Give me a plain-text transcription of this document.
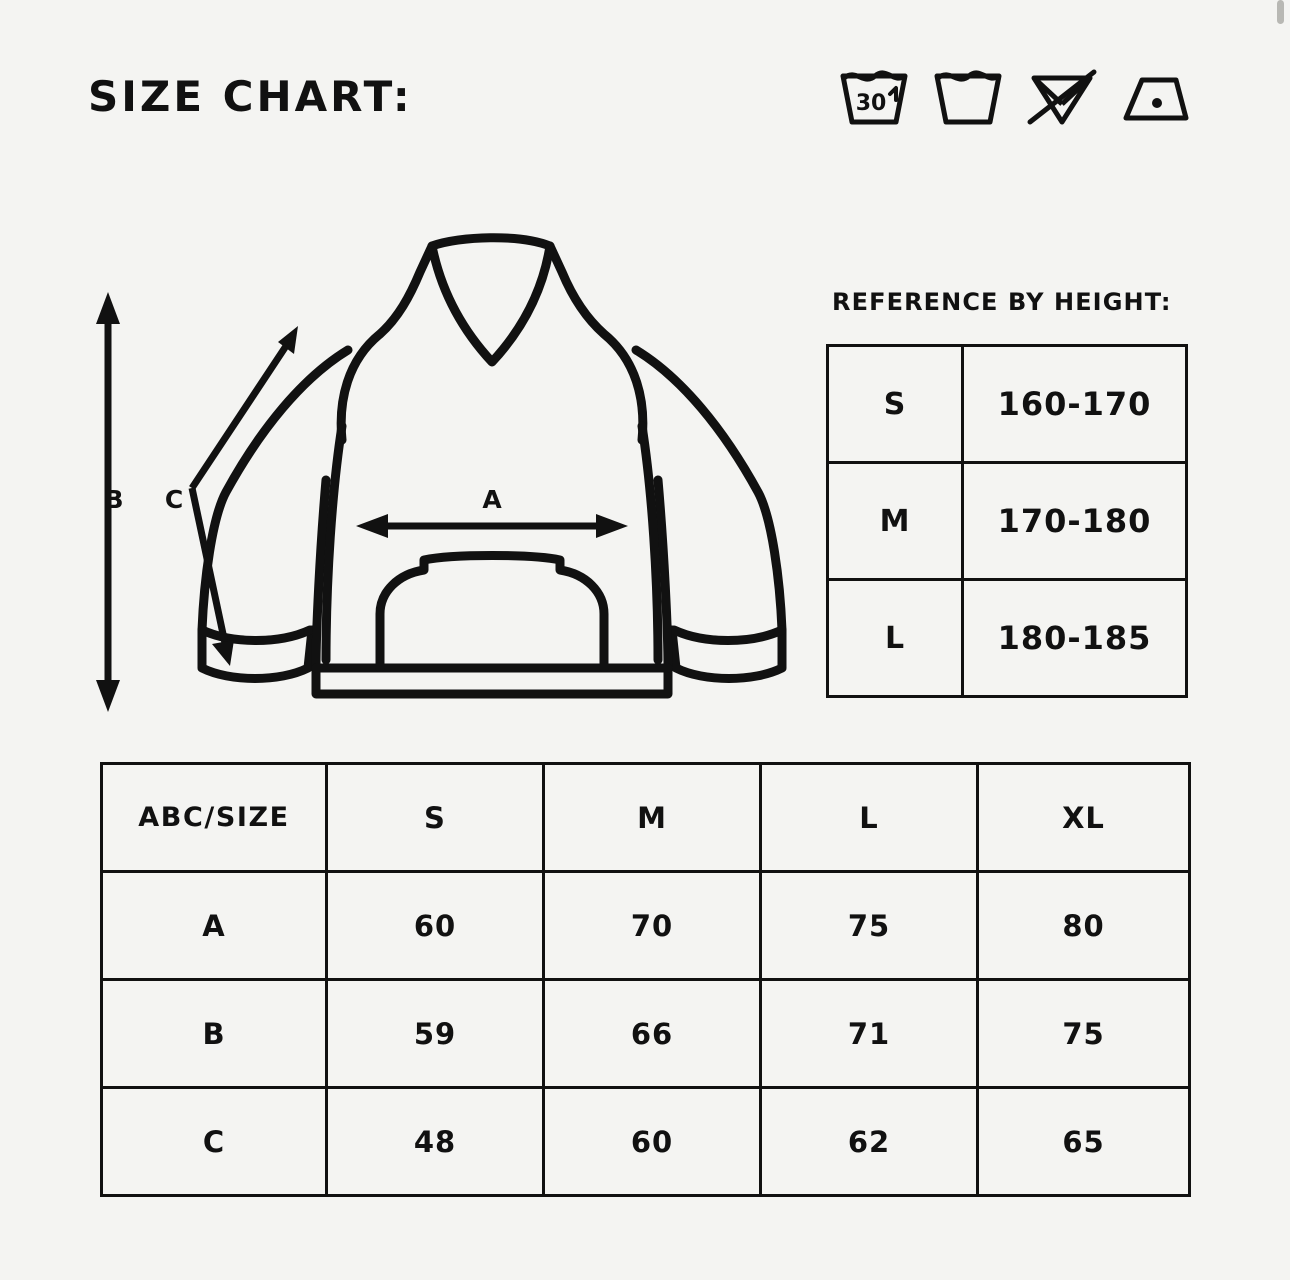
SIZE CHART:	30
B C	A
REFERENCE BY HEIGHT:
S	160-170
M	170-180
L	180-185
ABC/SIZE	S	M	L	XL
A	60	70	75	80
B	59	66	71	75
C	48	60	62	65
